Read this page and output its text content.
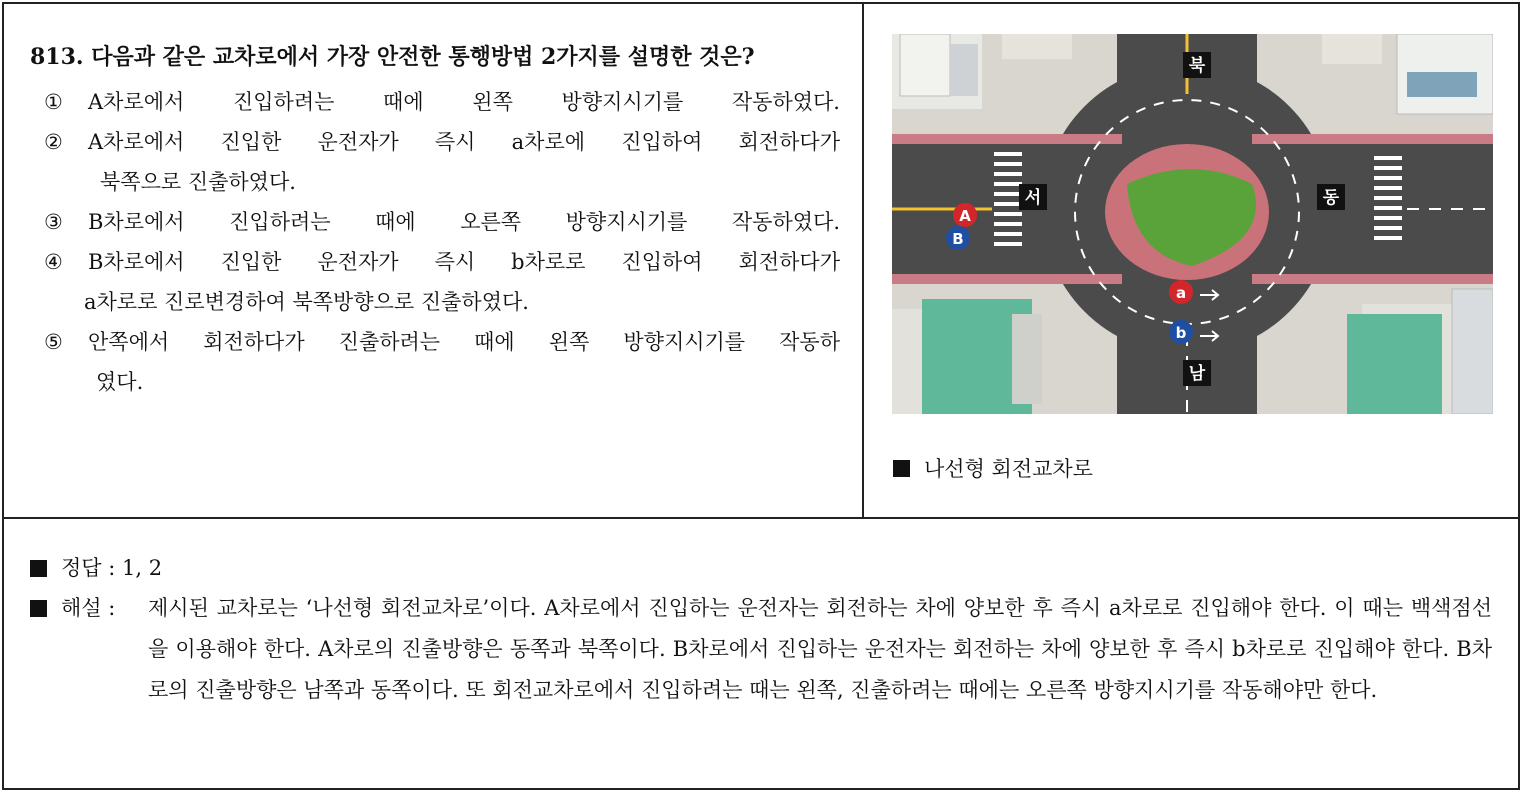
813. 다음과 같은 교차로에서 가장 안전한 통행방법 2가지를 설명한 것은?
①	A차로에서 진입하려는 때에 왼쪽 방향지시기를 작동하였다.
②	A차로에서 진입한 운전자가 즉시 a차로에 진입하여 회전하다가
북쪽으로 진출하였다.
③	B차로에서 진입하려는 때에 오른쪽 방향지시기를 작동하였다.
④	B차로에서 진입한 운전자가 즉시 b차로로 진입하여 회전하다가
a차로로 진로변경하여 북쪽방향으로 진출하였다.
⑤	안쪽에서 회전하다가 진출하려는 때에 왼쪽 방향지시기를 작동하
였다.
북
서	동
남
A
B
a
b
나선형 회전교차로
정답 : 1, 2
해설 : 제시된 교차로는 ‘나선형 회전교차로’이다. A차로에서 진입하는 운전자는 회전하는 차에 양보한 후 즉시 a차로로 진입해야 한다. 이 때는 백색점선을 이용해야 한다. A차로의 진출방향은 동쪽과 북쪽이다. B차로에서 진입하는 운전자는 회전하는 차에 양보한 후 즉시 b차로로 진입해야 한다. B차로의 진출방향은 남쪽과 동쪽이다. 또 회전교차로에서 진입하려는 때는 왼쪽, 진출하려는 때에는 오른쪽 방향지시기를 작동해야만 한다.
